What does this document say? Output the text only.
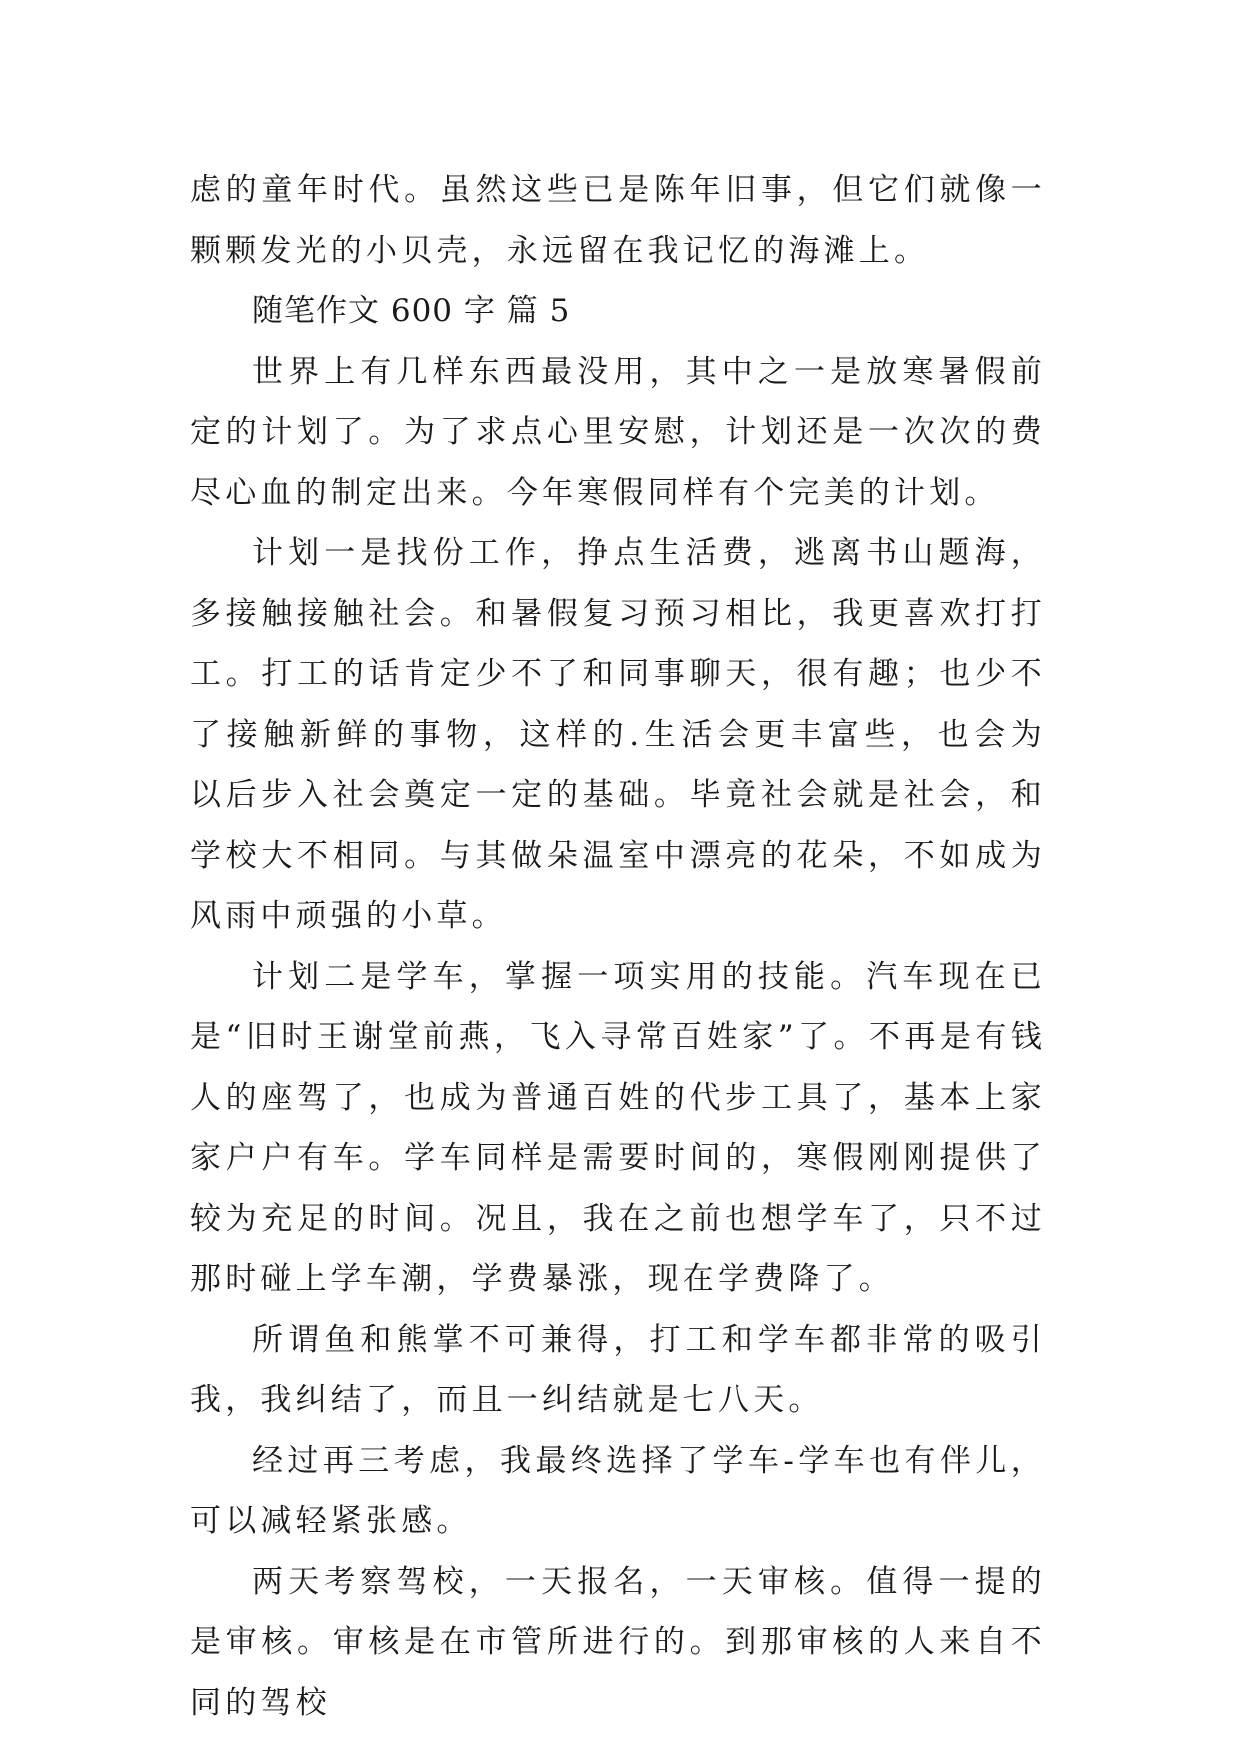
虑的童年时代。虽然这些已是陈年旧事，但它们就像一颗颗发光的小贝壳，永远留在我记忆的海滩上。

随笔作文 600 字 篇 5

世界上有几样东西最没用，其中之一是放寒暑假前定的计划了。为了求点心里安慰，计划还是一次次的费尽心血的制定出来。今年寒假同样有个完美的计划。

计划一是找份工作，挣点生活费，逃离书山题海，多接触接触社会。和暑假复习预习相比，我更喜欢打打工。打工的话肯定少不了和同事聊天，很有趣；也少不了接触新鲜的事物，这样的.生活会更丰富些，也会为以后步入社会奠定一定的基础。毕竟社会就是社会，和学校大不相同。与其做朵温室中漂亮的花朵，不如成为风雨中顽强的小草。

计划二是学车，掌握一项实用的技能。汽车现在已是“旧时王谢堂前燕，飞入寻常百姓家”了。不再是有钱人的座驾了，也成为普通百姓的代步工具了，基本上家家户户有车。学车同样是需要时间的，寒假刚刚提供了较为充足的时间。况且，我在之前也想学车了，只不过那时碰上学车潮，学费暴涨，现在学费降了。

所谓鱼和熊掌不可兼得，打工和学车都非常的吸引我，我纠结了，而且一纠结就是七八天。

经过再三考虑，我最终选择了学车-学车也有伴儿，可以减轻紧张感。

两天考察驾校，一天报名，一天审核。值得一提的是审核。审核是在市管所进行的。到那审核的人来自不同的驾校
